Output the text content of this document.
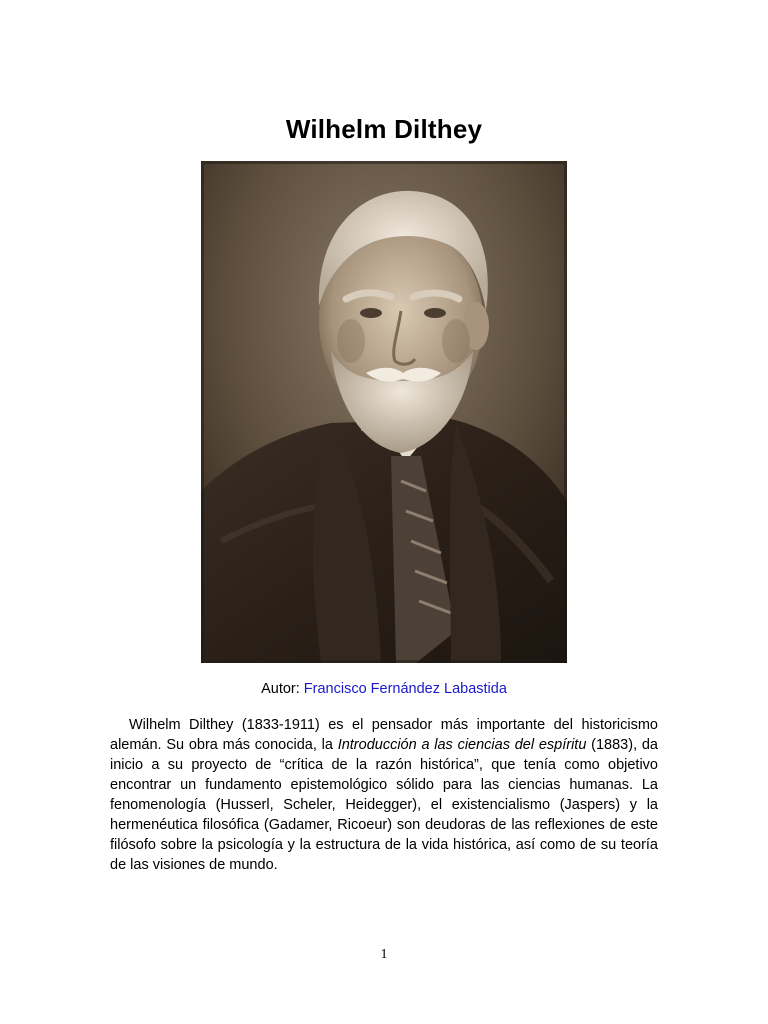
Wilhelm Dilthey
Autor: Francisco Fernández Labastida

Wilhelm Dilthey (1833-1911) es el pensador más importante del historicismo alemán. Su obra más conocida, la Introducción a las ciencias del espíritu (1883), da inicio a su proyecto de “crítica de la razón histórica”, que tenía como objetivo encontrar un fundamento epistemológico sólido para las ciencias humanas. La fenomenología (Husserl, Scheler, Heidegger), el existencialismo (Jaspers) y la hermenéutica filosófica (Gadamer, Ricoeur) son deudoras de las reflexiones de este filósofo sobre la psicología y la estructura de la vida histórica, así como de su teoría de las visiones de mundo.

1
